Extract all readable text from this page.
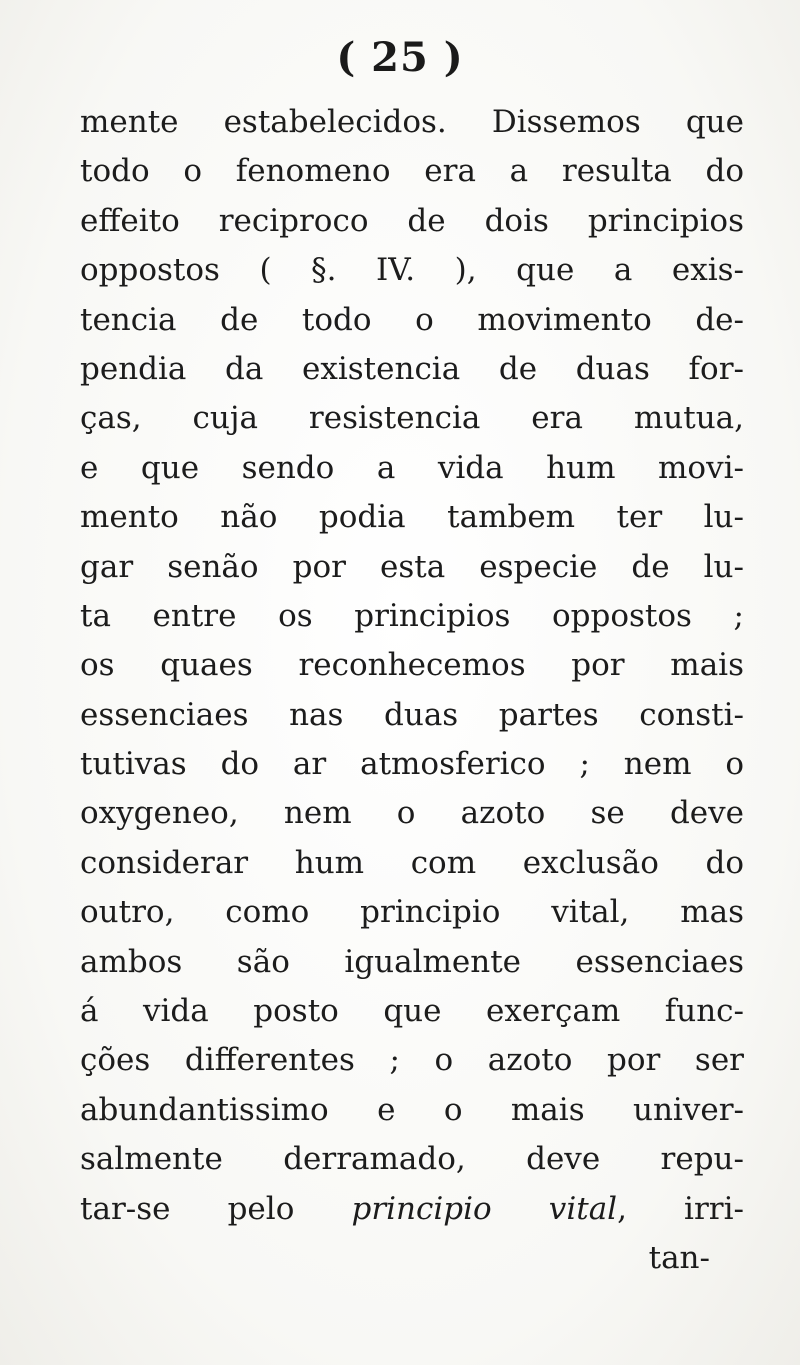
( 25 )
mente estabelecidos. Dissemos que
todo o fenomeno era a resulta do
effeito reciproco de dois principios
oppostos ( §. IV. ), que a exis-
tencia de todo o movimento de-
pendia da existencia de duas for-
ças, cuja resistencia era mutua,
e que sendo a vida hum movi-
mento não podia tambem ter lu-
gar senão por esta especie de lu-
ta entre os principios oppostos ;
os quaes reconhecemos por mais
essenciaes nas duas partes consti-
tutivas do ar atmosferico ; nem o
oxygeneo, nem o azoto se deve
considerar hum com exclusão do
outro, como principio vital, mas
ambos são igualmente essenciaes
á vida posto que exerçam func-
ções differentes ; o azoto por ser
abundantissimo e o mais univer-
salmente derramado, deve repu-
tar-se pelo principio vital, irri-
tan-
